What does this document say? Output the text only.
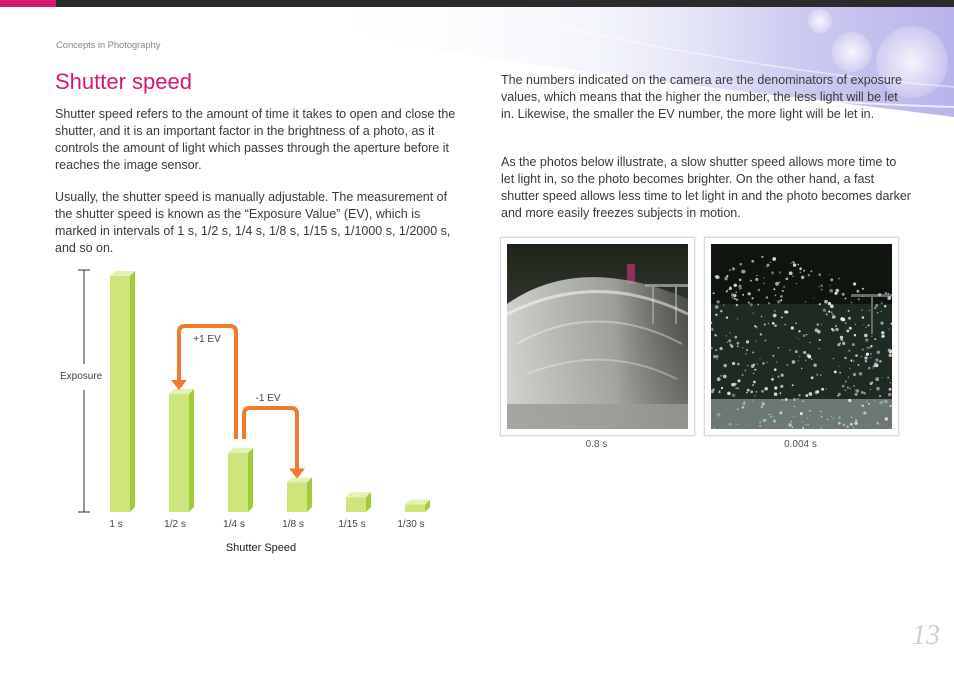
Concepts in Photography
Shutter speed

Shutter speed refers to the amount of time it takes to open and close the shutter, and it is an important factor in the brightness of a photo, as it controls the amount of light which passes through the aperture before it reaches the image sensor.

Usually, the shutter speed is manually adjustable. The measurement of the shutter speed is known as the “Exposure Value” (EV), which is marked in intervals of 1 s, 1/2 s, 1/4 s, 1/8 s, 1/15 s, 1/1000 s, 1/2000 s, and so on.

The numbers indicated on the camera are the denominators of exposure values, which means that the higher the number, the less light will be let in. Likewise, the smaller the EV number, the more light will be let in.

As the photos below illustrate, a slow shutter speed allows more time to let light in, so the photo becomes brighter. On the other hand, a fast shutter speed allows less time to let light in and the photo becomes darker and more easily freezes subjects in motion.

1 s	1/2 s	1/4 s	1/8 s	1/15 s	1/30 s
Exposure
Shutter Speed
+1 EV
-1 EV
0.8 s	0.004 s
13
